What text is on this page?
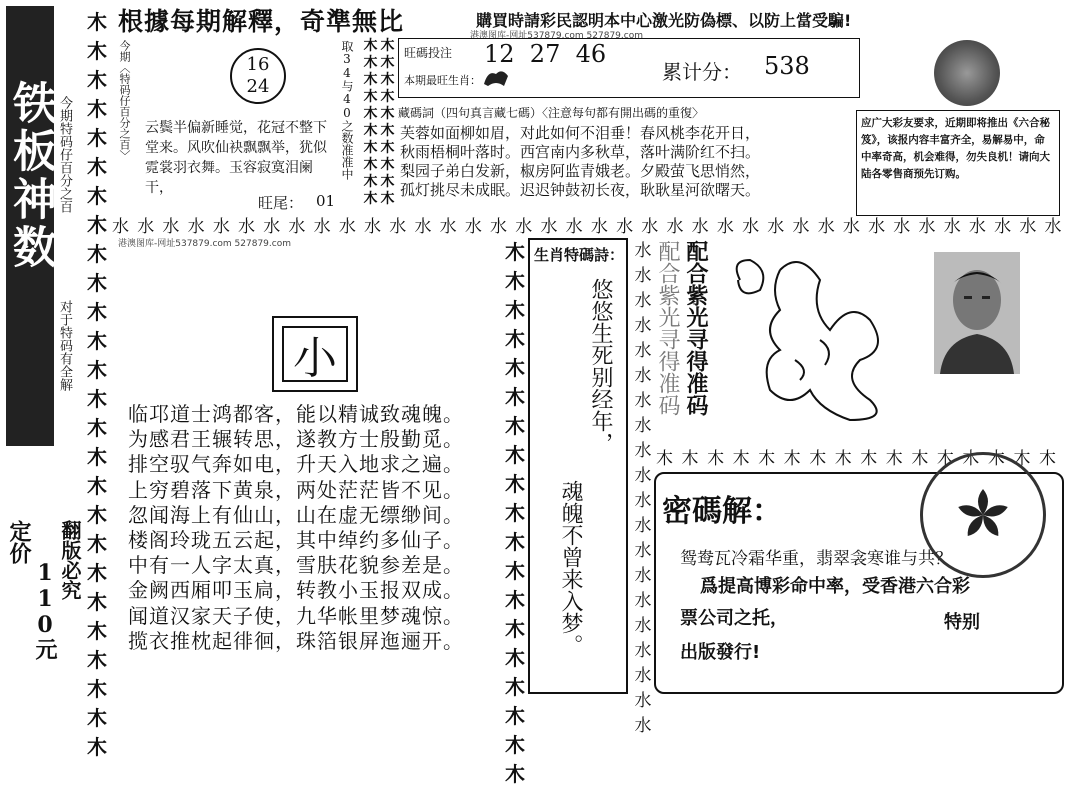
铁板神数 今期特码仔百分之百
对于特码有全解
定价
110元 翻版必究
木
木
木
木
木
木
木
木
木
木
木
木
木
木
木
木
木
木
木
木
木
木
木
木
木
木
根據每期解釋，奇準無比	購買時請彩民認明本中心激光防偽標、以防上當受騙!
港澳图库-网址537879.com 527879.com
今期〈特码仔百分之百〉	16
24
云鬓半偏新睡觉，花冠不整下堂来。风吹仙袂飘飘举，犹似霓裳羽衣舞。玉容寂寞泪阑干，
旺尾： 01
取34与40之数准准中 木 木
木 木
木 木
木 木
木 木
木 木
木 木
木 木
木 木
木 木
旺碼投注 12  27  46
本期最旺生肖：	累计分： 538
藏碼詞（四句真言藏七碼）〈注意每句都有開出碼的重復〉
芙蓉如面柳如眉，对此如何不泪垂！春风桃李花开日，
秋雨梧桐叶落时。西宫南内多秋草，落叶满阶红不扫。
梨园子弟白发新，椒房阿监青娥老。夕殿萤飞思悄然，
孤灯挑尽未成眠。迟迟钟鼓初长夜，耿耿星河欲曙天。
应广大彩友要求，近期即将推出《六合秘笈》，该报内容丰富齐全，易解易中，命中率奇高，机会难得，勿失良机！请向大陆各零售商预先订购。
水 水 水 水 水 水 水 水 水 水 水 水 水 水 水 水 水 水 水 水 水 水 水 水 水 水 水 水 水 水 水 水 水 水 水 水 水 水
港澳图库-网址537879.com 527879.com
小
临邛道士鸿都客，能以精诚致魂魄。
为感君王辗转思，遂教方士殷勤觅。
排空驭气奔如电，升天入地求之遍。
上穷碧落下黄泉，两处茫茫皆不见。
忽闻海上有仙山，山在虚无缥缈间。
楼阁玲珑五云起，其中绰约多仙子。
中有一人字太真，雪肤花貌参差是。
金阙西厢叩玉扃，转教小玉报双成。
闻道汉家天子使，九华帐里梦魂惊。
揽衣推枕起徘徊，珠箔银屏迤逦开。
木
木
木
木
木
木
木
木
木
木
木
木
木
木
木
木
木
木
木
生肖特碼詩：
悠悠生死别经年，
魂魄不曾来入梦。
水
水
水
水
水
水
水
水
水
水
水
水
水
水
水
水
水
水
水
水
配合紫光寻得准码 配合紫光寻得准码
木 木 木 木 木 木 木 木 木 木 木 木 木 木 木 木
密碼解：
鸳鸯瓦冷霜华重，翡翠衾寒谁与共？
爲提高博彩命中率，受香港六合彩
票公司之托，	特别
出版發行!
